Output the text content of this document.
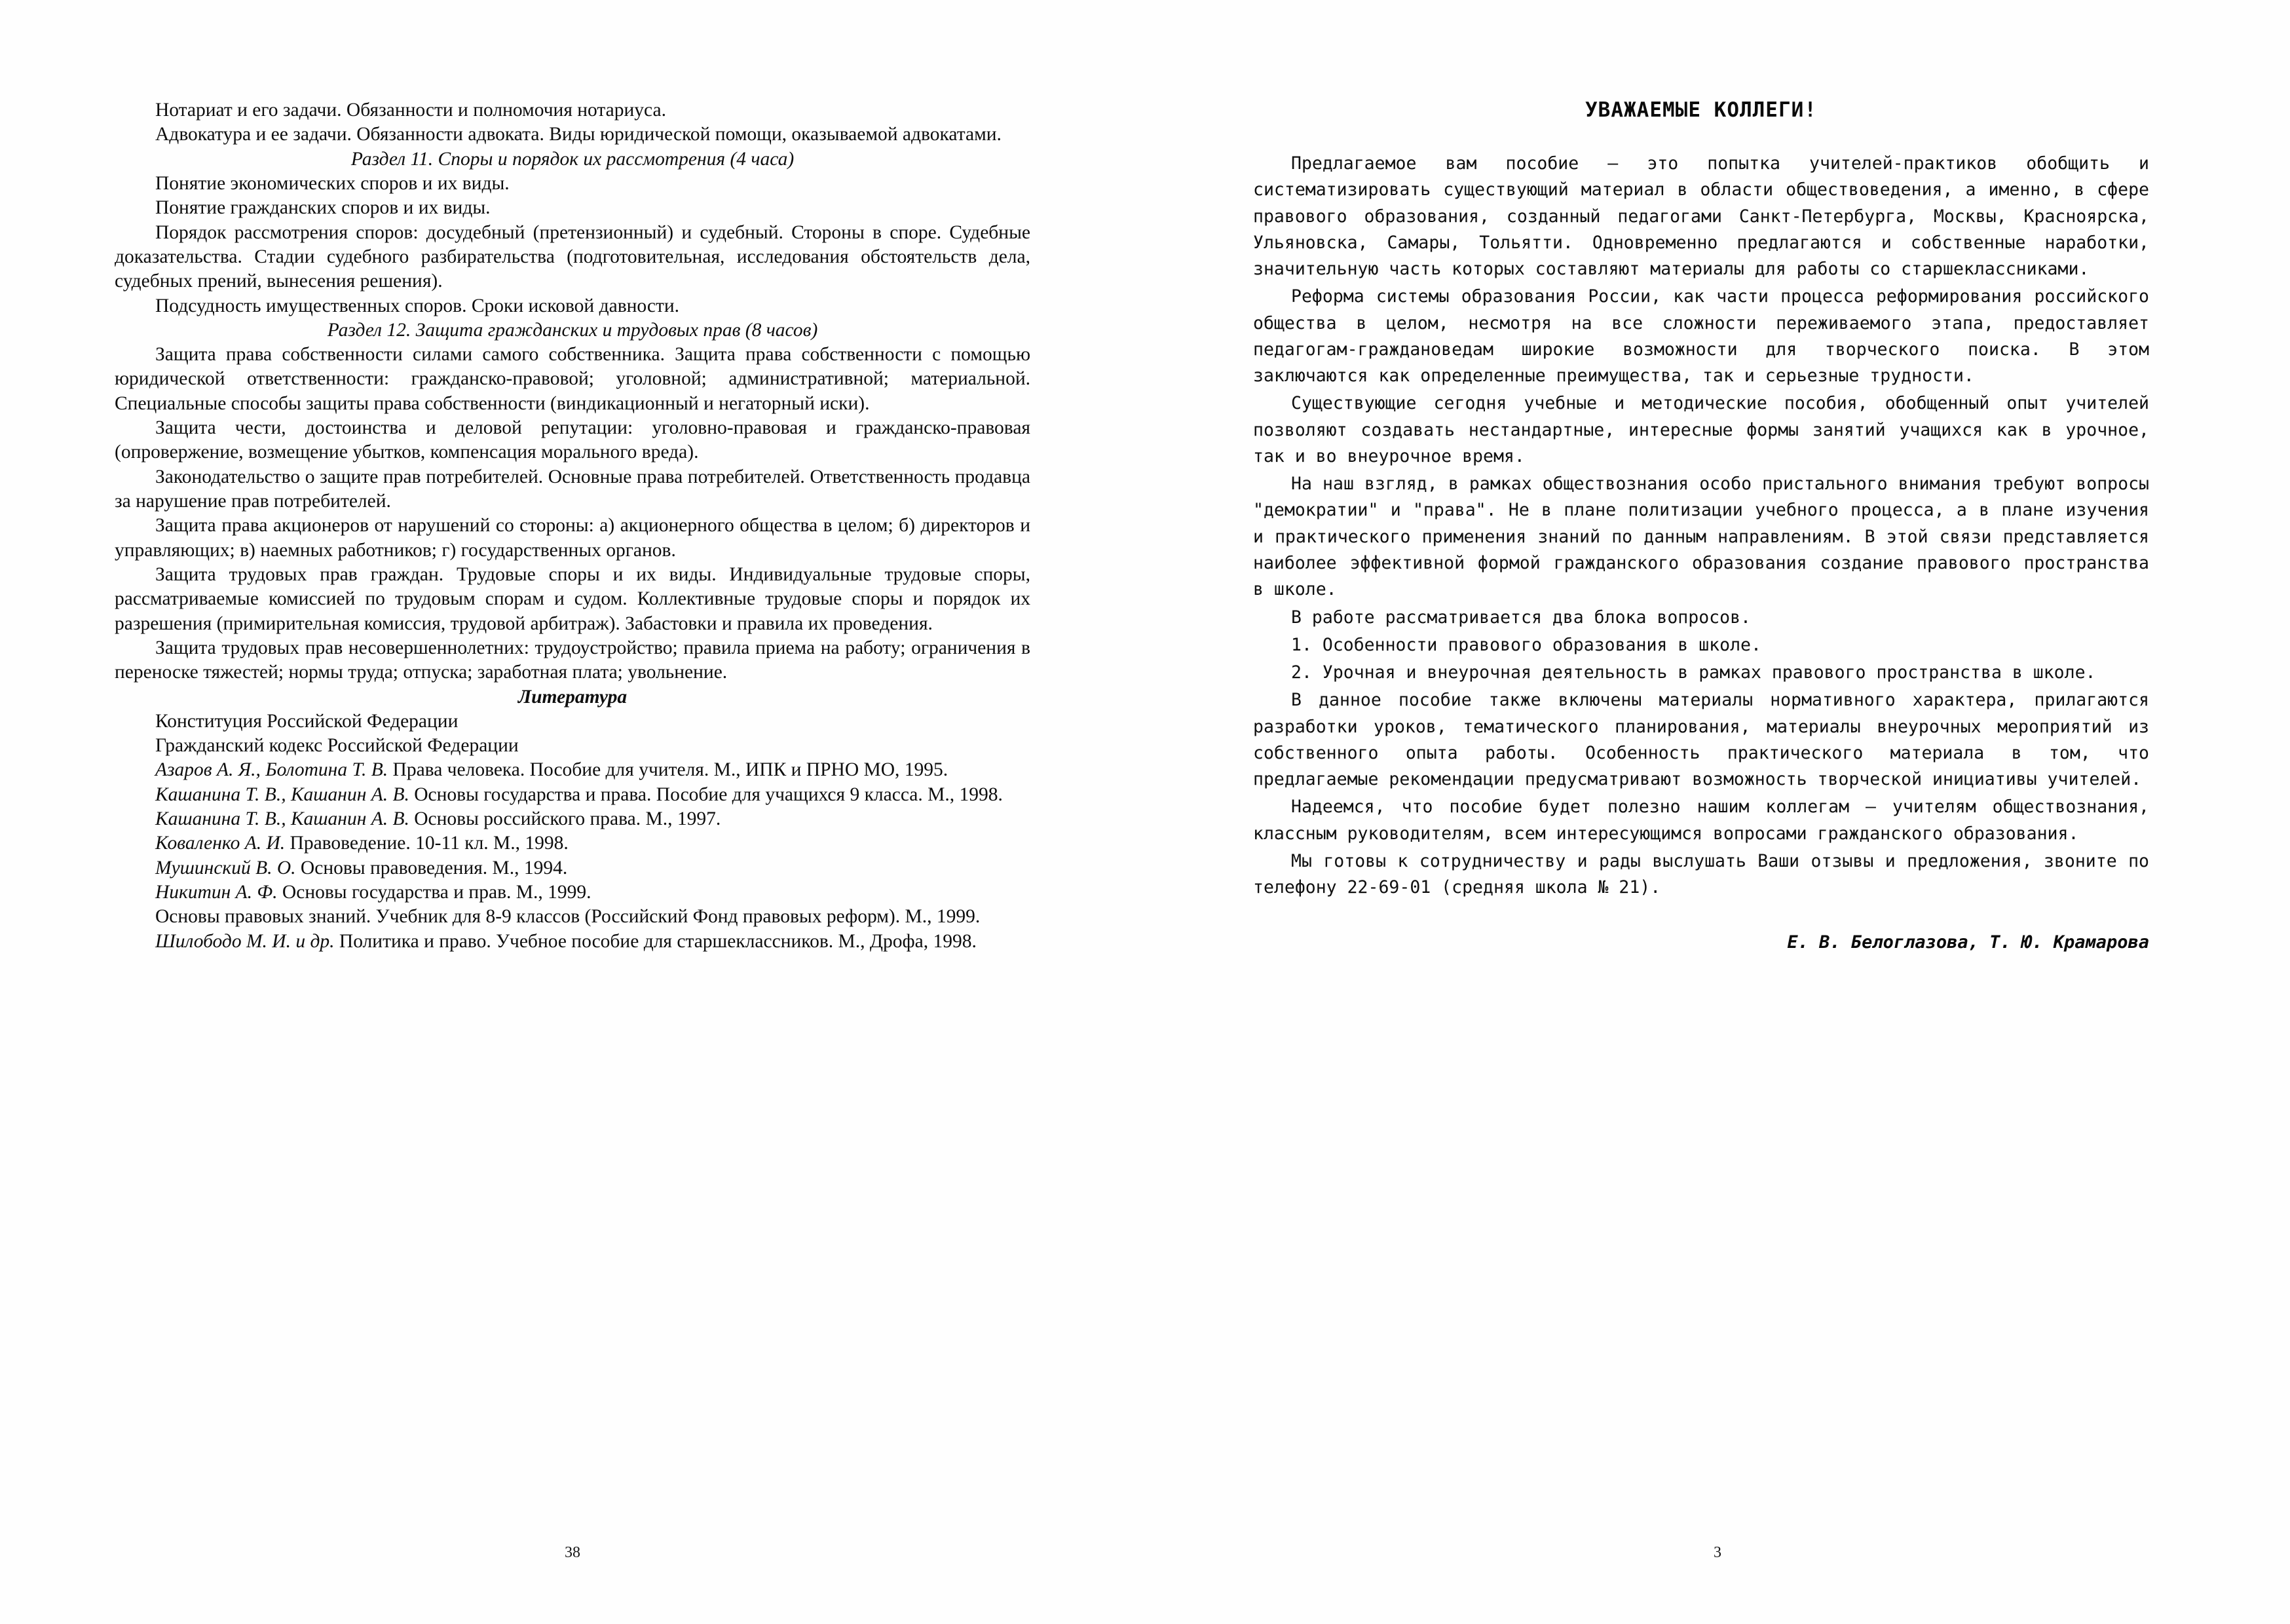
Нотариат и его задачи. Обязанности и полномочия нотариуса.

Адвокатура и ее задачи. Обязанности адвоката. Виды юридической помощи, оказываемой адвокатами.

Раздел 11. Споры и порядок их рассмотрения (4 часа)

Понятие экономических споров и их виды.

Понятие гражданских споров и их виды.

Порядок рассмотрения споров: досудебный (претензионный) и судебный. Стороны в споре. Судебные доказательства. Стадии судебного разбирательства (подготовительная, исследования обстоятельств дела, судебных прений, вынесения решения).

Подсудность имущественных споров. Сроки исковой давности.

Раздел 12. Защита гражданских и трудовых прав (8 часов)

Защита права собственности силами самого собственника. Защита права собственности с помощью юридической ответственности: гражданско-правовой; уголовной; административной; материальной. Специальные способы защиты права собственности (виндикационный и негаторный иски).

Защита чести, достоинства и деловой репутации: уголовно-правовая и гражданско-правовая (опровержение, возмещение убытков, компенсация морального вреда).

Законодательство о защите прав потребителей. Основные права потребителей. Ответственность продавца за нарушение прав потребителей.

Защита права акционеров от нарушений со стороны: а) акционерного общества в целом; б) директоров и управляющих; в) наемных работников; г) государственных органов.

Защита трудовых прав граждан. Трудовые споры и их виды. Индивидуальные трудовые споры, рассматриваемые комиссией по трудовым спорам и судом. Коллективные трудовые споры и порядок их разрешения (примирительная комиссия, трудовой арбитраж). Забастовки и правила их проведения.

Защита трудовых прав несовершеннолетних: трудоустройство; правила приема на работу; ограничения в переноске тяжестей; нормы труда; отпуска; заработная плата; увольнение.

Литература

Конституция Российской Федерации

Гражданский кодекс Российской Федерации

Азаров А. Я., Болотина Т. В. Права человека. Пособие для учителя. М., ИПК и ПРНО МО, 1995.

Кашанина Т. В., Кашанин А. В. Основы государства и права. Пособие для учащихся 9 класса. М., 1998.

Кашанина Т. В., Кашанин А. В. Основы российского права. М., 1997.

Коваленко А. И. Правоведение. 10-11 кл. М., 1998.

Мушинский В. О. Основы правоведения. М., 1994.

Никитин А. Ф. Основы государства и прав. М., 1999.

Основы правовых знаний. Учебник для 8-9 классов (Российский Фонд правовых реформ). М., 1999.

Шилободо М. И. и др. Политика и право. Учебное пособие для старшеклассников. М., Дрофа, 1998.

38
УВАЖАЕМЫЕ КОЛЛЕГИ!

Предлагаемое вам пособие – это попытка учителей-практиков обобщить и систематизировать существующий материал в области обществоведения, а именно, в сфере правового образования, созданный педагогами Санкт-Петербурга, Москвы, Красноярска, Ульяновска, Самары, Тольятти. Одновременно предлагаются и собственные наработки, значительную часть которых составляют материалы для работы со старшеклассниками.

Реформа системы образования России, как части процесса реформирования российского общества в целом, несмотря на все сложности переживаемого этапа, предоставляет педагогам-граждановедам широкие возможности для творческого поиска. В этом заключаются как определенные преимущества, так и серьезные трудности.

Существующие сегодня учебные и методические пособия, обобщенный опыт учителей позволяют создавать нестандартные, интересные формы занятий учащихся как в урочное, так и во внеурочное время.

На наш взгляд, в рамках обществознания особо пристального внимания требуют вопросы "демократии" и "права". Не в плане политизации учебного процесса, а в плане изучения и практического применения знаний по данным направлениям. В этой связи представляется наиболее эффективной формой гражданского образования создание правового пространства в школе.

В работе рассматривается два блока вопросов.

1. Особенности правового образования в школе.

2. Урочная и внеурочная деятельность в рамках правового пространства в школе.

В данное пособие также включены материалы нормативного характера, прилагаются разработки уроков, тематического планирования, материалы внеурочных мероприятий из собственного опыта работы. Особенность практического материала в том, что предлагаемые рекомендации предусматривают возможность творческой инициативы учителей.

Надеемся, что пособие будет полезно нашим коллегам – учителям обществознания, классным руководителям, всем интересующимся вопросами гражданского образования.

Мы готовы к сотрудничеству и рады выслушать Ваши отзывы и предложения, звоните по телефону 22-69-01 (средняя школа № 21).

Е. В. Белоглазова, Т. Ю. Крамарова
3
